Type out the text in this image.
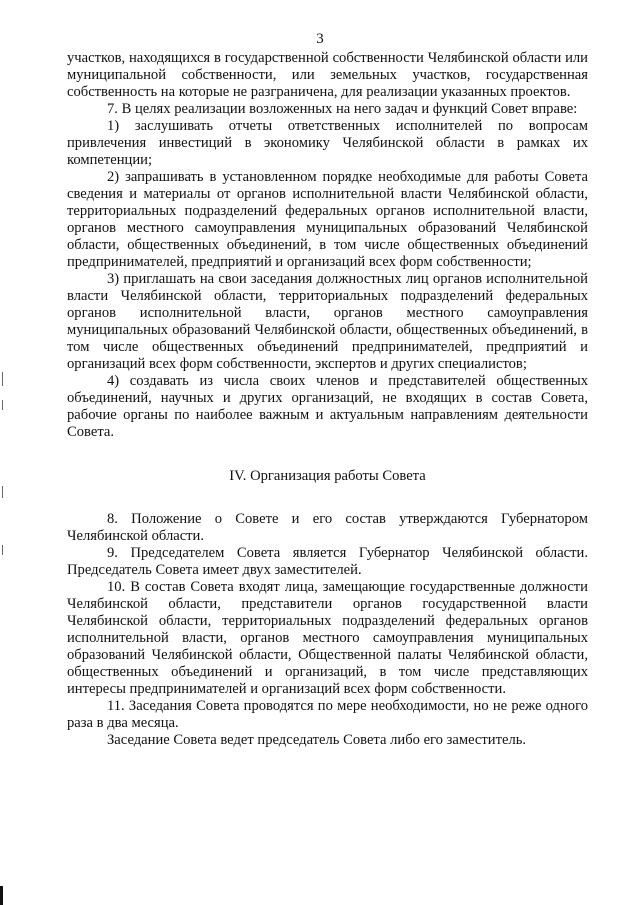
3

участков, находящихся в государственной собственности Челябинской области или муниципальной собственности, или земельных участков, государственная собственность на которые не разграничена, для реализации указанных проектов.

7. В целях реализации возложенных на него задач и функций Совет вправе:

1) заслушивать отчеты ответственных исполнителей по вопросам привлечения инвестиций в экономику Челябинской области в рамках их компетенции;

2) запрашивать в установленном порядке необходимые для работы Совета сведения и материалы от органов исполнительной власти Челябинской области, территориальных подразделений федеральных органов исполнительной власти, органов местного самоуправления муниципальных образований Челябинской области, общественных объединений, в том числе общественных объединений предпринимателей, предприятий и организаций всех форм собственности;

3) приглашать на свои заседания должностных лиц органов исполнительной власти Челябинской области, территориальных подразделений федеральных органов исполнительной власти, органов местного самоуправления муниципальных образований Челябинской области, общественных объединений, в том числе общественных объединений предпринимателей, предприятий и организаций всех форм собственности, экспертов и других специалистов;

4) создавать из числа своих членов и представителей общественных объединений, научных и других организаций, не входящих в состав Совета, рабочие органы по наиболее важным и актуальным направлениям деятельности Совета.

IV. Организация работы Совета

8. Положение о Совете и его состав утверждаются Губернатором Челябинской области.

9. Председателем Совета является Губернатор Челябинской области. Председатель Совета имеет двух заместителей.

10. В состав Совета входят лица, замещающие государственные должности Челябинской области, представители органов государственной власти Челябинской области, территориальных подразделений федеральных органов исполнительной власти, органов местного самоуправления муниципальных образований Челябинской области, Общественной палаты Челябинской области, общественных объединений и организаций, в том числе представляющих интересы предпринимателей и организаций всех форм собственности.

11. Заседания Совета проводятся по мере необходимости, но не реже одного раза в два месяца.

Заседание Совета ведет председатель Совета либо его заместитель.
